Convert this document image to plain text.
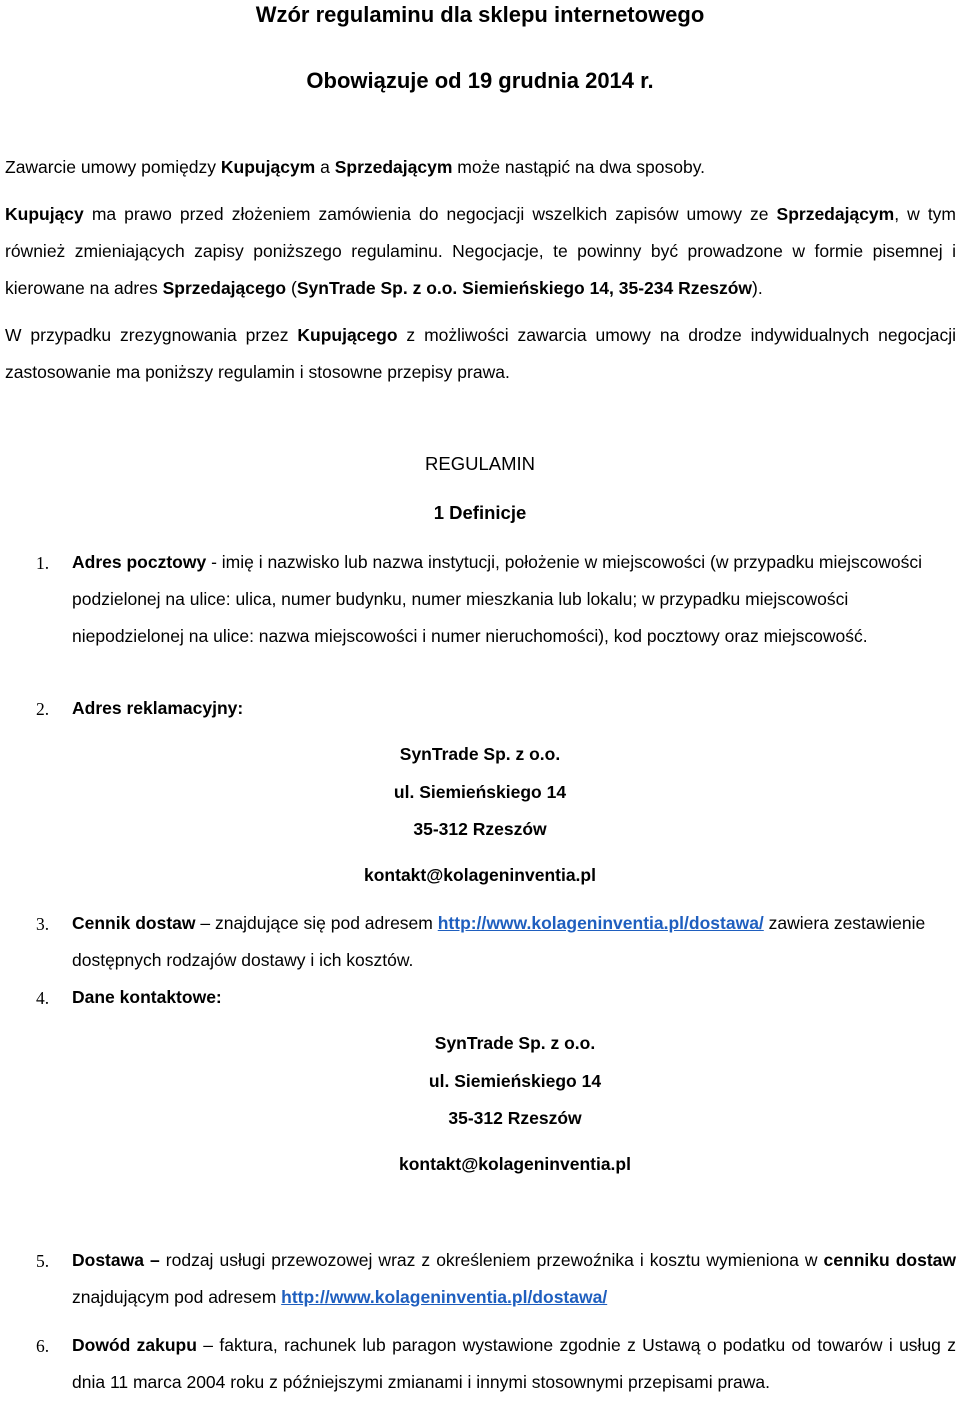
Wzór regulaminu dla sklepu internetowego
Obowiązuje od 19 grudnia 2014 r.
Zawarcie umowy pomiędzy Kupującym a Sprzedającym może nastąpić na dwa sposoby.
Kupujący ma prawo przed złożeniem zamówienia do negocjacji wszelkich zapisów umowy ze Sprzedającym, w tym również zmieniających zapisy poniższego regulaminu. Negocjacje, te powinny być prowadzone w formie pisemnej i kierowane na adres Sprzedającego (SynTrade Sp. z o.o. Siemieńskiego 14, 35-234 Rzeszów).
W przypadku zrezygnowania przez Kupującego z możliwości zawarcia umowy na drodze indywidualnych negocjacji zastosowanie ma poniższy regulamin i stosowne przepisy prawa.
REGULAMIN
1 Definicje
1. Adres pocztowy - imię i nazwisko lub nazwa instytucji, położenie w miejscowości (w przypadku miejscowości podzielonej na ulice: ulica, numer budynku, numer mieszkania lub lokalu; w przypadku miejscowości niepodzielonej na ulice: nazwa miejscowości i numer nieruchomości), kod pocztowy oraz miejscowość.
2. Adres reklamacyjny:
SynTrade Sp. z o.o.
ul. Siemieńskiego 14
35-312 Rzeszów
kontakt@kolageninventia.pl
3. Cennik dostaw – znajdujące się pod adresem http://www.kolageninventia.pl/dostawa/ zawiera zestawienie dostępnych rodzajów dostawy i ich kosztów.
4. Dane kontaktowe:
SynTrade Sp. z o.o.
ul. Siemieńskiego 14
35-312 Rzeszów
kontakt@kolageninventia.pl
5. Dostawa – rodzaj usługi przewozowej wraz z określeniem przewoźnika i kosztu wymieniona w cenniku dostaw znajdującym pod adresem http://www.kolageninventia.pl/dostawa/
6. Dowód zakupu – faktura, rachunek lub paragon wystawione zgodnie z Ustawą o podatku od towarów i usług z dnia 11 marca 2004 roku z późniejszymi zmianami i innymi stosownymi przepisami prawa.
